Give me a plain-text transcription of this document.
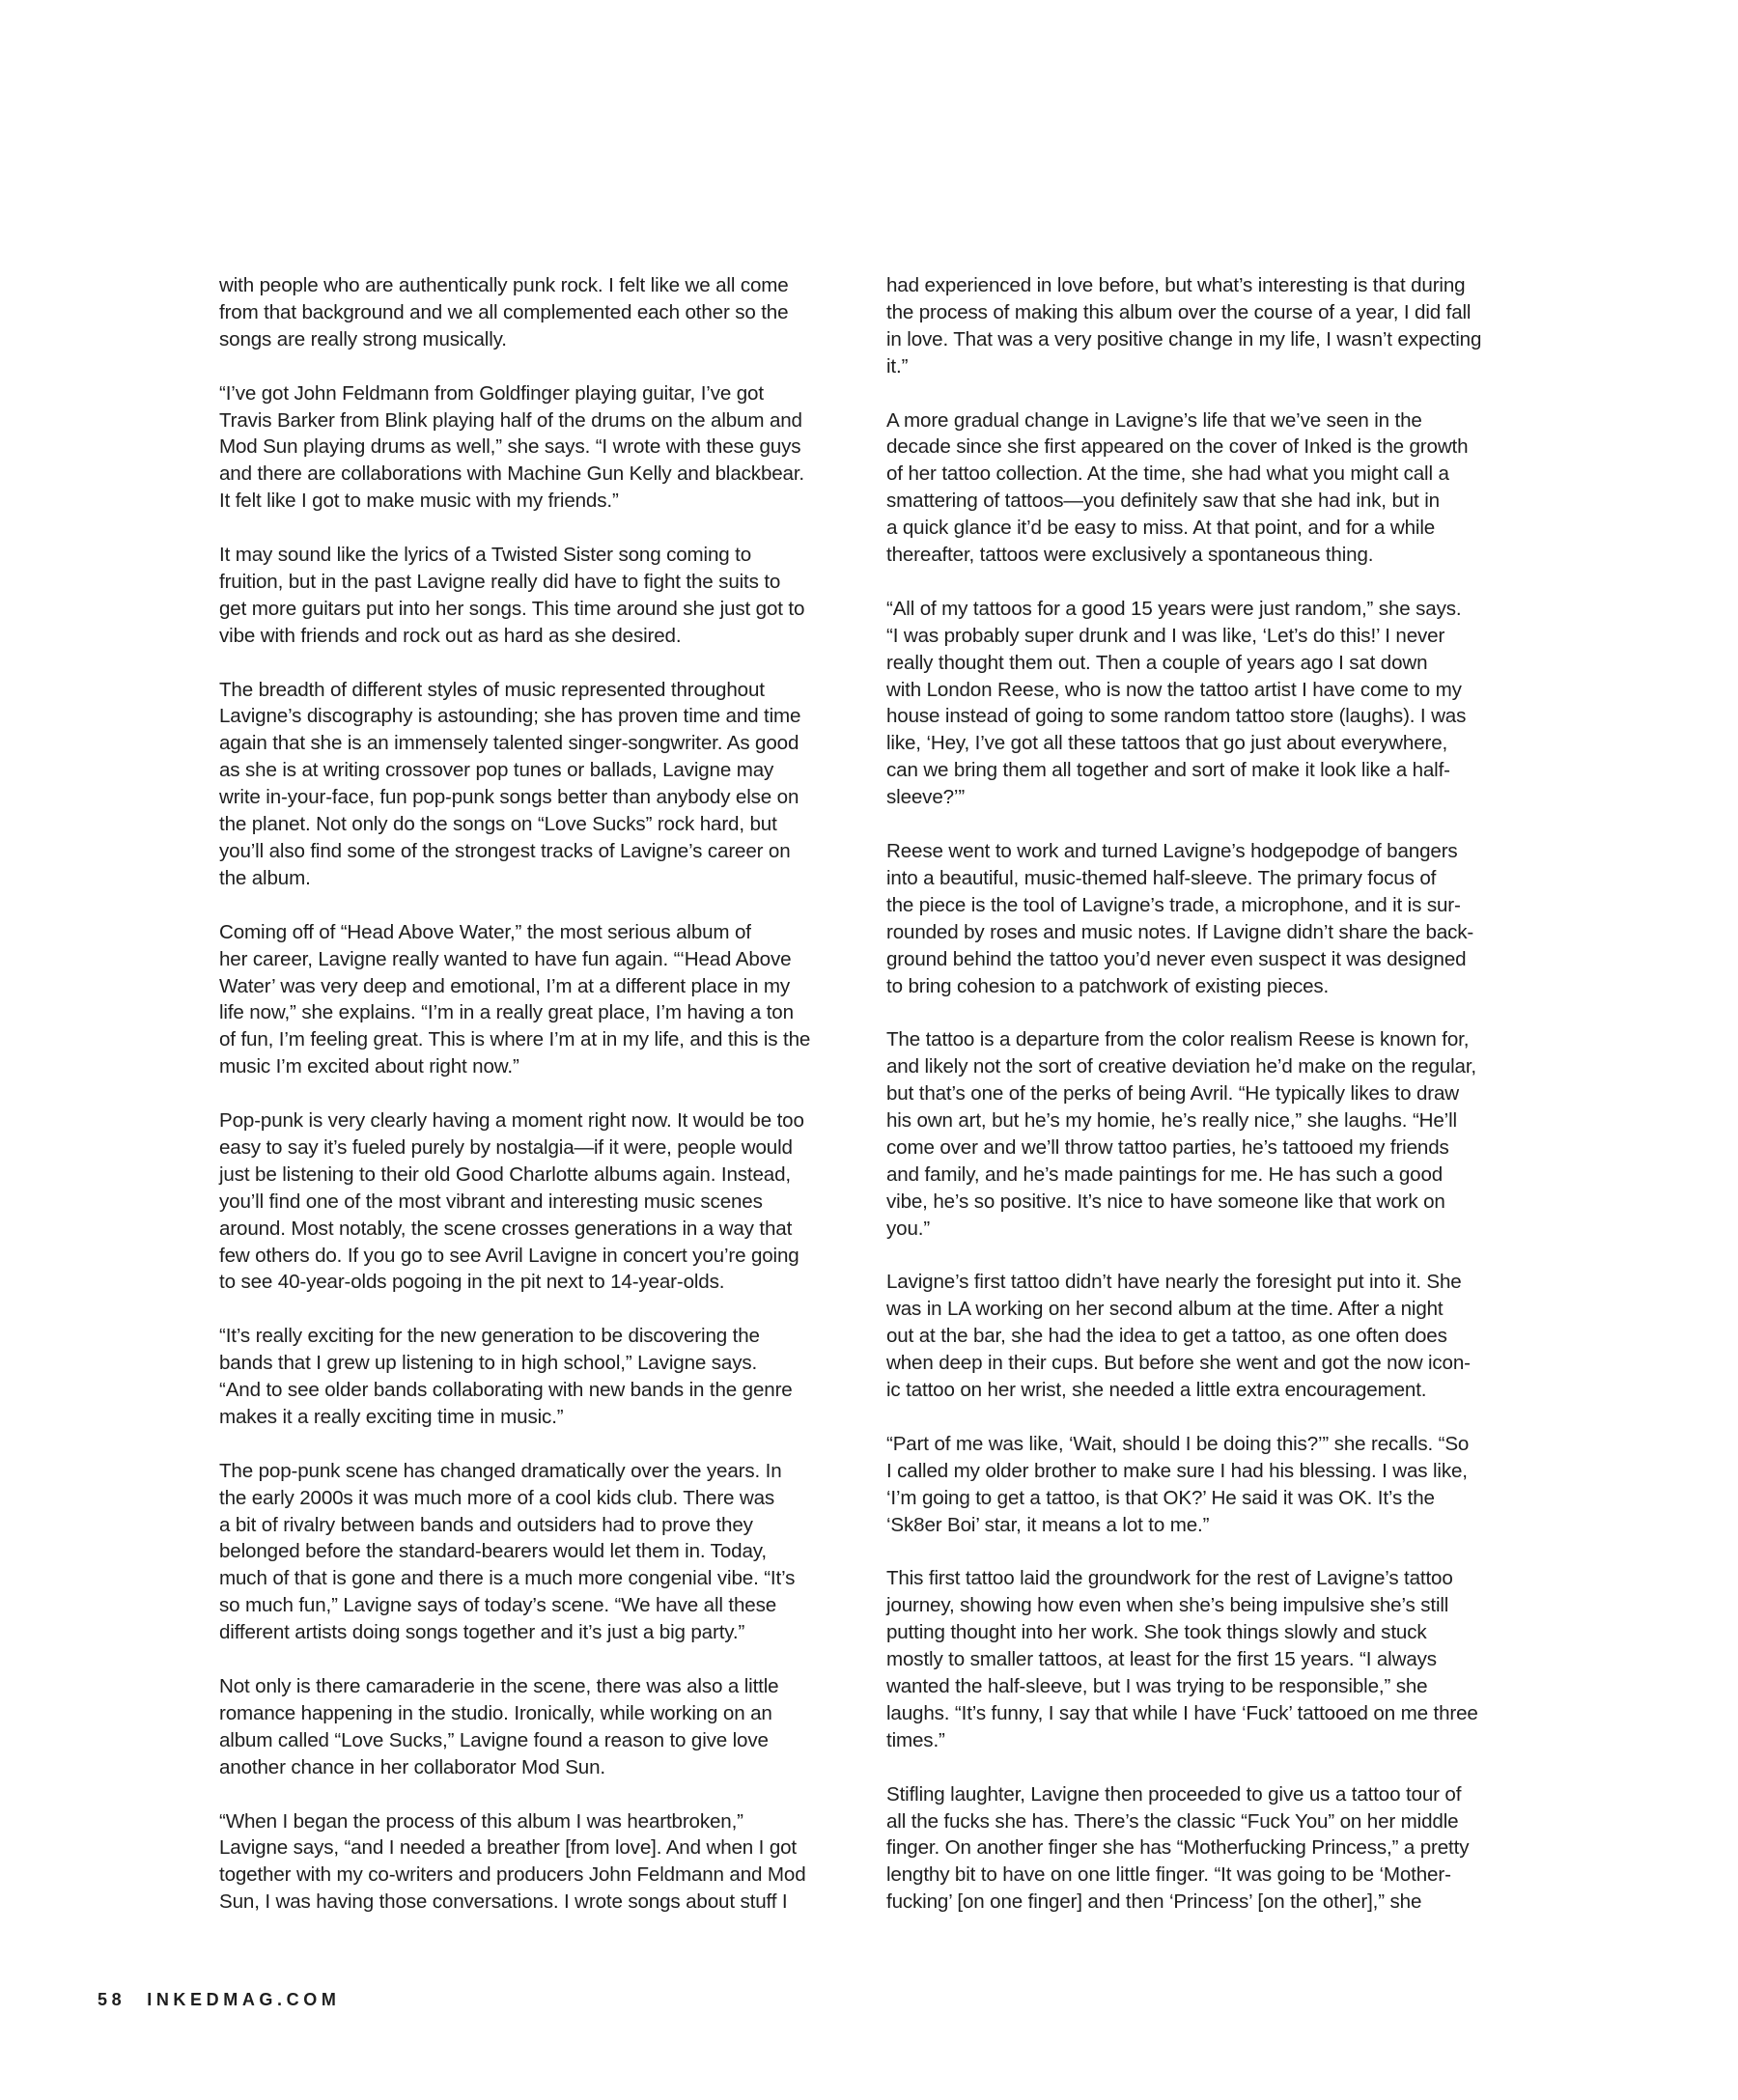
with people who are authentically punk rock. I felt like we all come
from that background and we all complemented each other so the
songs are really strong musically.

“I’ve got John Feldmann from Goldfinger playing guitar, I’ve got
Travis Barker from Blink playing half of the drums on the album and
Mod Sun playing drums as well,” she says. “I wrote with these guys
and there are collaborations with Machine Gun Kelly and blackbear.
It felt like I got to make music with my friends.”

It may sound like the lyrics of a Twisted Sister song coming to
fruition, but in the past Lavigne really did have to fight the suits to
get more guitars put into her songs. This time around she just got to
vibe with friends and rock out as hard as she desired.

The breadth of different styles of music represented throughout
Lavigne’s discography is astounding; she has proven time and time
again that she is an immensely talented singer-songwriter. As good
as she is at writing crossover pop tunes or ballads, Lavigne may
write in-your-face, fun pop-punk songs better than anybody else on
the planet. Not only do the songs on “Love Sucks” rock hard, but
you’ll also find some of the strongest tracks of Lavigne’s career on
the album.

Coming off of “Head Above Water,” the most serious album of
her career, Lavigne really wanted to have fun again. “‘Head Above
Water’ was very deep and emotional, I’m at a different place in my
life now,” she explains. “I’m in a really great place, I’m having a ton
of fun, I’m feeling great. This is where I’m at in my life, and this is the
music I’m excited about right now.”

Pop-punk is very clearly having a moment right now. It would be too
easy to say it’s fueled purely by nostalgia—if it were, people would
just be listening to their old Good Charlotte albums again. Instead,
you’ll find one of the most vibrant and interesting music scenes
around. Most notably, the scene crosses generations in a way that
few others do. If you go to see Avril Lavigne in concert you’re going
to see 40-year-olds pogoing in the pit next to 14-year-olds.

“It’s really exciting for the new generation to be discovering the
bands that I grew up listening to in high school,” Lavigne says.
“And to see older bands collaborating with new bands in the genre
makes it a really exciting time in music.”

The pop-punk scene has changed dramatically over the years. In
the early 2000s it was much more of a cool kids club. There was
a bit of rivalry between bands and outsiders had to prove they
belonged before the standard-bearers would let them in. Today,
much of that is gone and there is a much more congenial vibe. “It’s
so much fun,” Lavigne says of today’s scene. “We have all these
different artists doing songs together and it’s just a big party.”

Not only is there camaraderie in the scene, there was also a little
romance happening in the studio. Ironically, while working on an
album called “Love Sucks,” Lavigne found a reason to give love
another chance in her collaborator Mod Sun.

“When I began the process of this album I was heartbroken,”
Lavigne says, “and I needed a breather [from love]. And when I got
together with my co-writers and producers John Feldmann and Mod
Sun, I was having those conversations. I wrote songs about stuff I

had experienced in love before, but what’s interesting is that during
the process of making this album over the course of a year, I did fall
in love. That was a very positive change in my life, I wasn’t expecting
it.”

A more gradual change in Lavigne’s life that we’ve seen in the
decade since she first appeared on the cover of Inked is the growth
of her tattoo collection. At the time, she had what you might call a
smattering of tattoos—you definitely saw that she had ink, but in
a quick glance it’d be easy to miss. At that point, and for a while
thereafter, tattoos were exclusively a spontaneous thing.

“All of my tattoos for a good 15 years were just random,” she says.
“I was probably super drunk and I was like, ‘Let’s do this!’ I never
really thought them out. Then a couple of years ago I sat down
with London Reese, who is now the tattoo artist I have come to my
house instead of going to some random tattoo store (laughs). I was
like, ‘Hey, I’ve got all these tattoos that go just about everywhere,
can we bring them all together and sort of make it look like a half-
sleeve?’”

Reese went to work and turned Lavigne’s hodgepodge of bangers
into a beautiful, music-themed half-sleeve. The primary focus of
the piece is the tool of Lavigne’s trade, a microphone, and it is sur-
rounded by roses and music notes. If Lavigne didn’t share the back-
ground behind the tattoo you’d never even suspect it was designed
to bring cohesion to a patchwork of existing pieces.

The tattoo is a departure from the color realism Reese is known for,
and likely not the sort of creative deviation he’d make on the regular,
but that’s one of the perks of being Avril. “He typically likes to draw
his own art, but he’s my homie, he’s really nice,” she laughs. “He’ll
come over and we’ll throw tattoo parties, he’s tattooed my friends
and family, and he’s made paintings for me. He has such a good
vibe, he’s so positive. It’s nice to have someone like that work on
you.”

Lavigne’s first tattoo didn’t have nearly the foresight put into it. She
was in LA working on her second album at the time. After a night
out at the bar, she had the idea to get a tattoo, as one often does
when deep in their cups. But before she went and got the now icon-
ic tattoo on her wrist, she needed a little extra encouragement.

“Part of me was like, ‘Wait, should I be doing this?’” she recalls. “So
I called my older brother to make sure I had his blessing. I was like,
‘I’m going to get a tattoo, is that OK?’ He said it was OK. It’s the
‘Sk8er Boi’ star, it means a lot to me.”

This first tattoo laid the groundwork for the rest of Lavigne’s tattoo
journey, showing how even when she’s being impulsive she’s still
putting thought into her work. She took things slowly and stuck
mostly to smaller tattoos, at least for the first 15 years. “I always
wanted the half-sleeve, but I was trying to be responsible,” she
laughs. “It’s funny, I say that while I have ‘Fuck’ tattooed on me three
times.”

Stifling laughter, Lavigne then proceeded to give us a tattoo tour of
all the fucks she has. There’s the classic “Fuck You” on her middle
finger. On another finger she has “Motherfucking Princess,” a pretty
lengthy bit to have on one little finger. “It was going to be ‘Mother-
fucking’ [on one finger] and then ‘Princess’ [on the other],” she

58 INKEDMAG.COM
